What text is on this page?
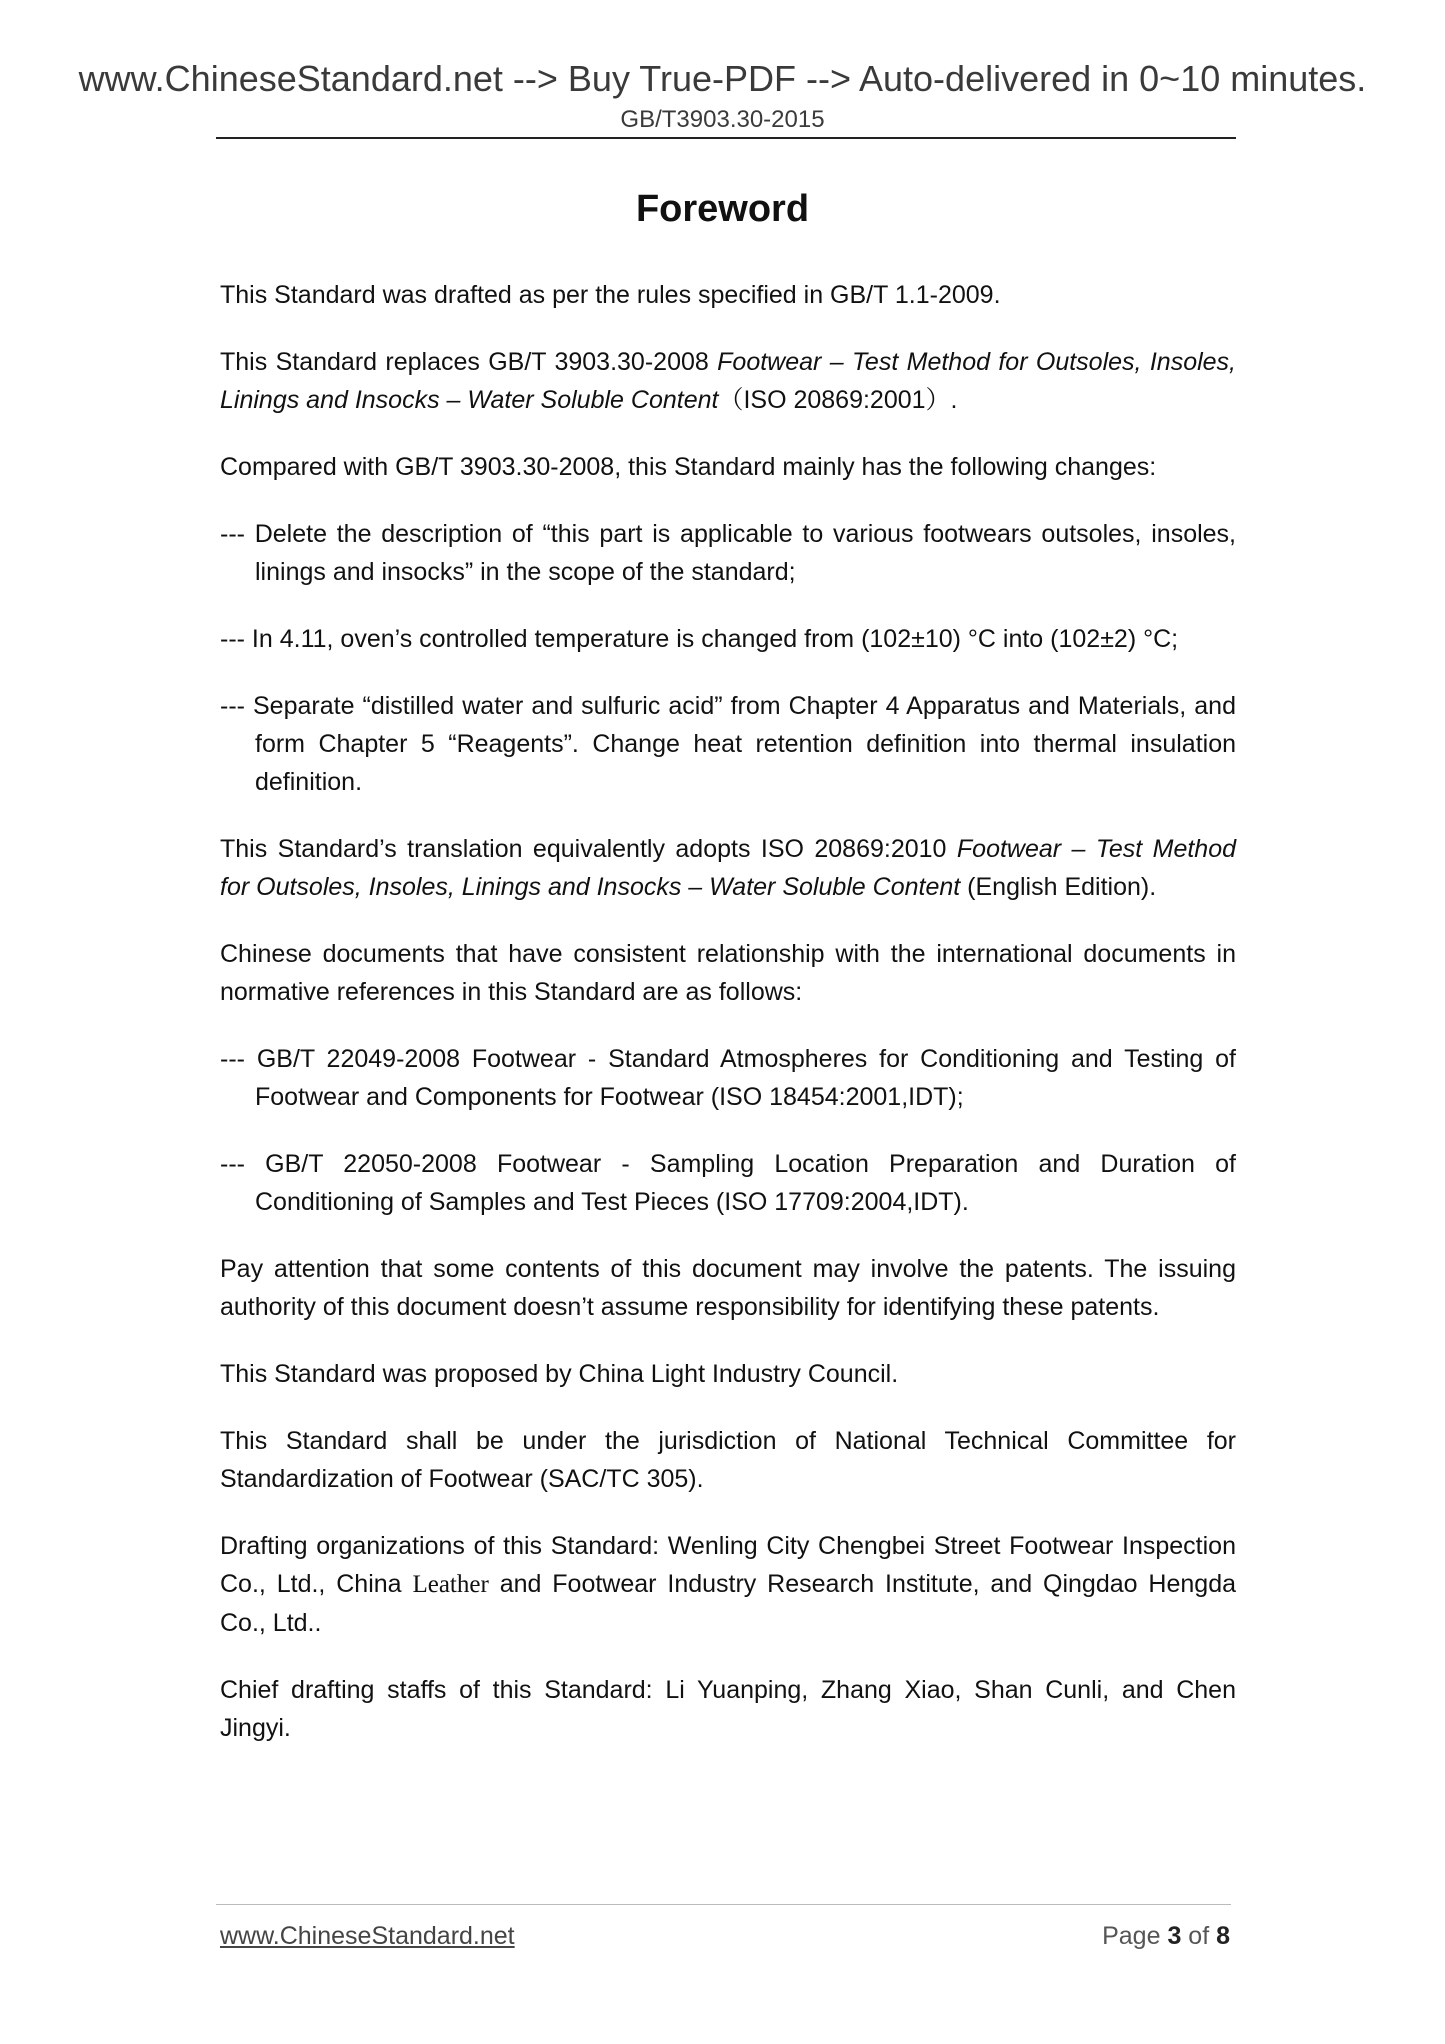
www.ChineseStandard.net --> Buy True-PDF --> Auto-delivered in 0~10 minutes.
GB/T3903.30-2015
Foreword

This Standard was drafted as per the rules specified in GB/T 1.1-2009.

This Standard replaces GB/T 3903.30-2008 Footwear – Test Method for Outsoles, Insoles, Linings and Insocks – Water Soluble Content（ISO 20869:2001）.

Compared with GB/T 3903.30-2008, this Standard mainly has the following changes:

--- Delete the description of “this part is applicable to various footwears outsoles, insoles, linings and insocks” in the scope of the standard;

--- In 4.11, oven’s controlled temperature is changed from (102±10) °C into (102±2) °C;

--- Separate “distilled water and sulfuric acid” from Chapter 4 Apparatus and Materials, and form Chapter 5 “Reagents”. Change heat retention definition into thermal insulation definition.

This Standard’s translation equivalently adopts ISO 20869:2010 Footwear – Test Method for Outsoles, Insoles, Linings and Insocks – Water Soluble Content (English Edition).

Chinese documents that have consistent relationship with the international documents in normative references in this Standard are as follows:

--- GB/T 22049-2008 Footwear - Standard Atmospheres for Conditioning and Testing of Footwear and Components for Footwear (ISO 18454:2001,IDT);

--- GB/T 22050-2008 Footwear - Sampling Location Preparation and Duration of Conditioning of Samples and Test Pieces (ISO 17709:2004,IDT).

Pay attention that some contents of this document may involve the patents. The issuing authority of this document doesn’t assume responsibility for identifying these patents.

This Standard was proposed by China Light Industry Council.

This Standard shall be under the jurisdiction of National Technical Committee for Standardization of Footwear (SAC/TC 305).

Drafting organizations of this Standard: Wenling City Chengbei Street Footwear Inspection Co., Ltd., China Leather and Footwear Industry Research Institute, and Qingdao Hengda Co., Ltd..

Chief drafting staffs of this Standard: Li Yuanping, Zhang Xiao, Shan Cunli, and Chen Jingyi.

www.ChineseStandard.net	Page 3 of 8
